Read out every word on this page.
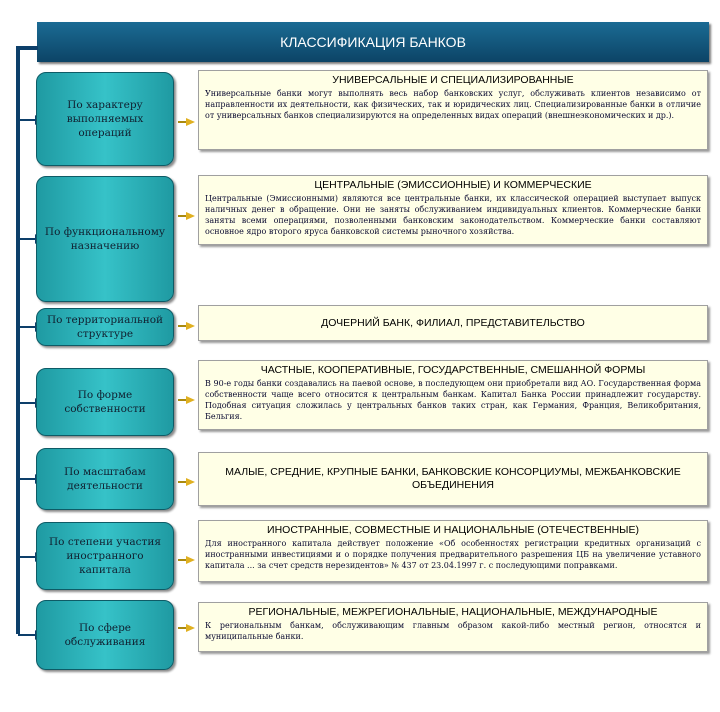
КЛАССИФИКАЦИЯ БАНКОВ
По характеру выполняемых операций
По функциональному назначению
По территориальной структуре
По форме собственности
По масштабам деятельности
По степени участия иностранного капитала
По сфере обслуживания
УНИВЕРСАЛЬНЫЕ И СПЕЦИАЛИЗИРОВАННЫЕ
Универсальные банки могут выполнять весь набор банковских услуг, обслуживать клиентов независимо от направленности их деятельности, как физических, так и юридических лиц. Специализированные банки в отличие от универсальных банков специализируются на определенных видах операций (внешнеэкономических и др.).
ЦЕНТРАЛЬНЫЕ (ЭМИССИОННЫЕ) И КОММЕРЧЕСКИЕ
Центральные (Эмиссионными) являются все центральные банки, их классической операцией выступает выпуск наличных денег в обращение. Они не заняты обслуживанием индивидуальных клиентов. Коммерческие банки заняты всеми операциями, позволенными банковским законодательством. Коммерческие банки составляют основное ядро второго яруса банковской системы рыночного хозяйства.
ДОЧЕРНИЙ БАНК, ФИЛИАЛ, ПРЕДСТАВИТЕЛЬСТВО
ЧАСТНЫЕ, КООПЕРАТИВНЫЕ, ГОСУДАРСТВЕННЫЕ, СМЕШАННОЙ ФОРМЫ
В 90-е годы банки создавались на паевой основе, в последующем они приобретали вид АО. Государственная форма собственности чаще всего относится к центральным банкам. Капитал Банка России принадлежит государству. Подобная ситуация сложилась у центральных банков таких стран, как Германия, Франция, Великобритания, Бельгия.
МАЛЫЕ, СРЕДНИЕ, КРУПНЫЕ БАНКИ, БАНКОВСКИЕ КОНСОРЦИУМЫ, МЕЖБАНКОВСКИЕ ОБЪЕДИНЕНИЯ
ИНОСТРАННЫЕ, СОВМЕСТНЫЕ И НАЦИОНАЛЬНЫЕ (ОТЕЧЕСТВЕННЫЕ)
Для иностранного капитала действует положение «Об особенностях регистрации кредитных организаций с иностранными инвестициями и о порядке получения предварительного разрешения ЦБ на увеличение уставного капитала ... за счет средств нерезидентов» № 437 от 23.04.1997 г. с последующими поправками.
РЕГИОНАЛЬНЫЕ, МЕЖРЕГИОНАЛЬНЫЕ, НАЦИОНАЛЬНЫЕ, МЕЖДУНАРОДНЫЕ
К региональным банкам, обслуживающим главным образом какой-либо местный регион, относятся и муниципальные банки.
